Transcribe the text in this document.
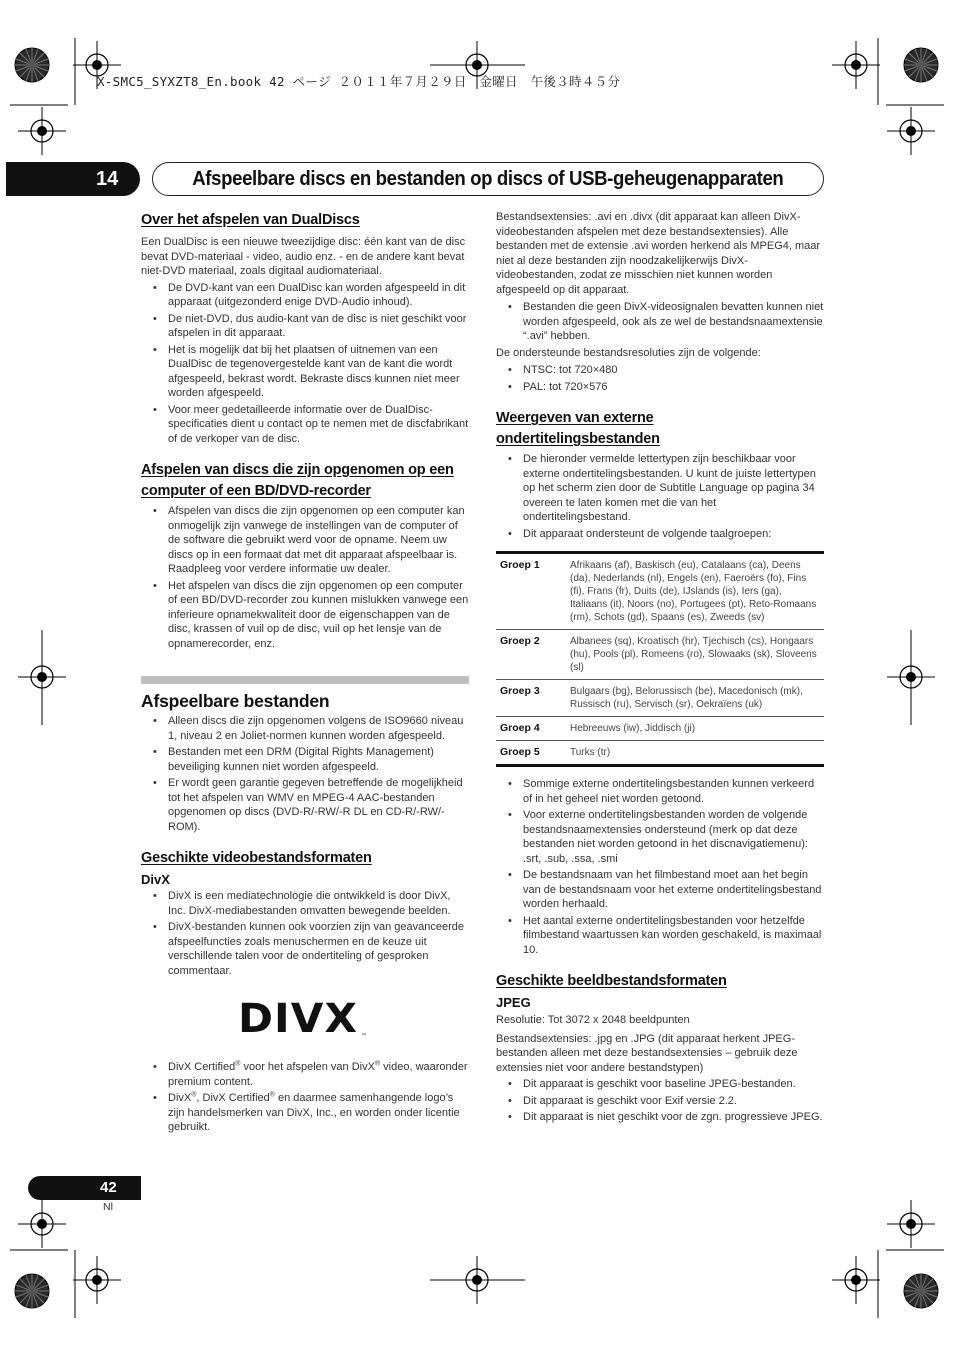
X-SMC5_SYXZT8_En.book 42 ページ ２０１１年７月２９日　金曜日　午後３時４５分
14	Afspeelbare discs en bestanden op discs of USB-geheugenapparaten
Over het afspelen van DualDiscs

Een DualDisc is een nieuwe tweezijdige disc: één kant van de disc bevat DVD-materiaal - video, audio enz. - en de andere kant bevat niet-DVD materiaal, zoals digitaal audiomateriaal.

• De DVD-kant van een DualDisc kan worden afgespeeld in dit apparaat (uitgezonderd enige DVD-Audio inhoud).
• De niet-DVD, dus audio-kant van de disc is niet geschikt voor afspelen in dit apparaat.
• Het is mogelijk dat bij het plaatsen of uitnemen van een DualDisc de tegenovergestelde kant van de kant die wordt afgespeeld, bekrast wordt. Bekraste discs kunnen niet meer worden afgespeeld.
• Voor meer gedetailleerde informatie over de DualDisc-specificaties dient u contact op te nemen met de discfabrikant of de verkoper van de disc.
Afspelen van discs die zijn opgenomen op een
computer of een BD/DVD-recorder
• Afspelen van discs die zijn opgenomen op een computer kan onmogelijk zijn vanwege de instellingen van de computer of de software die gebruikt werd voor de opname. Neem uw discs op in een formaat dat met dit apparaat afspeelbaar is. Raadpleeg voor verdere informatie uw dealer.
• Het afspelen van discs die zijn opgenomen op een computer of een BD/DVD-recorder zou kunnen mislukken vanwege een inferieure opnamekwaliteit door de eigenschappen van de disc, krassen of vuil op de disc, vuil op het lensje van de opnamerecorder, enz.
Afspeelbare bestanden
• Alleen discs die zijn opgenomen volgens de ISO9660 niveau 1, niveau 2 en Joliet-normen kunnen worden afgespeeld.
• Bestanden met een DRM (Digital Rights Management) beveiliging kunnen niet worden afgespeeld.
• Er wordt geen garantie gegeven betreffende de mogelijkheid tot het afspelen van WMV en MPEG-4 AAC-bestanden opgenomen op discs (DVD-R/-RW/-R DL en CD-R/-RW/-ROM).
Geschikte videobestandsformaten
DivX
• DivX is een mediatechnologie die ontwikkeld is door DivX, Inc. DivX-mediabestanden omvatten bewegende beelden.
• DivX-bestanden kunnen ook voorzien zijn van geavanceerde afspeelfuncties zoals menuschermen en de keuze uit verschillende talen voor de ondertiteling of gesproken commentaar.
DIVX ™
• DivX Certified® voor het afspelen van DivX® video, waaronder premium content.
• DivX®, DivX Certified® en daarmee samenhangende logo’s zijn handelsmerken van DivX, Inc., en worden onder licentie gebruikt.

Bestandsextensies: .avi en .divx (dit apparaat kan alleen DivX-videobestanden afspelen met deze bestandsextensies). Alle bestanden met de extensie .avi worden herkend als MPEG4, maar niet al deze bestanden zijn noodzakelijkerwijs DivX-videobestanden, zodat ze misschien niet kunnen worden afgespeeld op dit apparaat.

• Bestanden die geen DivX-videosignalen bevatten kunnen niet worden afgespeeld, ook als ze wel de bestandsnaamextensie “.avi” hebben.

De ondersteunde bestandsresoluties zijn de volgende:

• NTSC: tot 720×480
• PAL: tot 720×576
Weergeven van externe
ondertitelingsbestanden
• De hieronder vermelde lettertypen zijn beschikbaar voor externe ondertitelingsbestanden. U kunt de juiste lettertypen op het scherm zien door de Subtitle Language op pagina 34 overeen te laten komen met die van het ondertitelingsbestand.
• Dit apparaat ondersteunt de volgende taalgroepen:
Groep 1	Afrikaans (af), Baskisch (eu), Catalaans (ca), Deens (da), Nederlands (nl), Engels (en), Faeroërs (fo), Fins (fi), Frans (fr), Duits (de), IJslands (is), Iers (ga), Italiaans (it), Noors (no), Portugees (pt), Reto-Romaans (rm), Schots (gd), Spaans (es), Zweeds (sv)
Groep 2	Albanees (sq), Kroatisch (hr), Tjechisch (cs), Hongaars (hu), Pools (pl), Romeens (ro), Slowaaks (sk), Sloveens (sl)
Groep 3	Bulgaars (bg), Belorussisch (be), Macedonisch (mk), Russisch (ru), Servisch (sr), Oekraïens (uk)
Groep 4	Hebreeuws (iw), Jiddisch (ji)
Groep 5	Turks (tr)
• Sommige externe ondertitelingsbestanden kunnen verkeerd of in het geheel niet worden getoond.
• Voor externe ondertitelingsbestanden worden de volgende bestandsnaamextensies ondersteund (merk op dat deze bestanden niet worden getoond in het discnavigatiemenu): .srt, .sub, .ssa, .smi
• De bestandsnaam van het filmbestand moet aan het begin van de bestandsnaam voor het externe ondertitelingsbestand worden herhaald.
• Het aantal externe ondertitelingsbestanden voor hetzelfde filmbestand waartussen kan worden geschakeld, is maximaal 10.
Geschikte beeldbestandsformaten
JPEG

Resolutie: Tot 3072 x 2048 beeldpunten

Bestandsextensies: .jpg en .JPG (dit apparaat herkent JPEG-bestanden alleen met deze bestandsextensies – gebruik deze extensies niet voor andere bestandstypen)

• Dit apparaat is geschikt voor baseline JPEG-bestanden.
• Dit apparaat is geschikt voor Exif versie 2.2.
• Dit apparaat is niet geschikt voor de zgn. progressieve JPEG.
42
Nl
